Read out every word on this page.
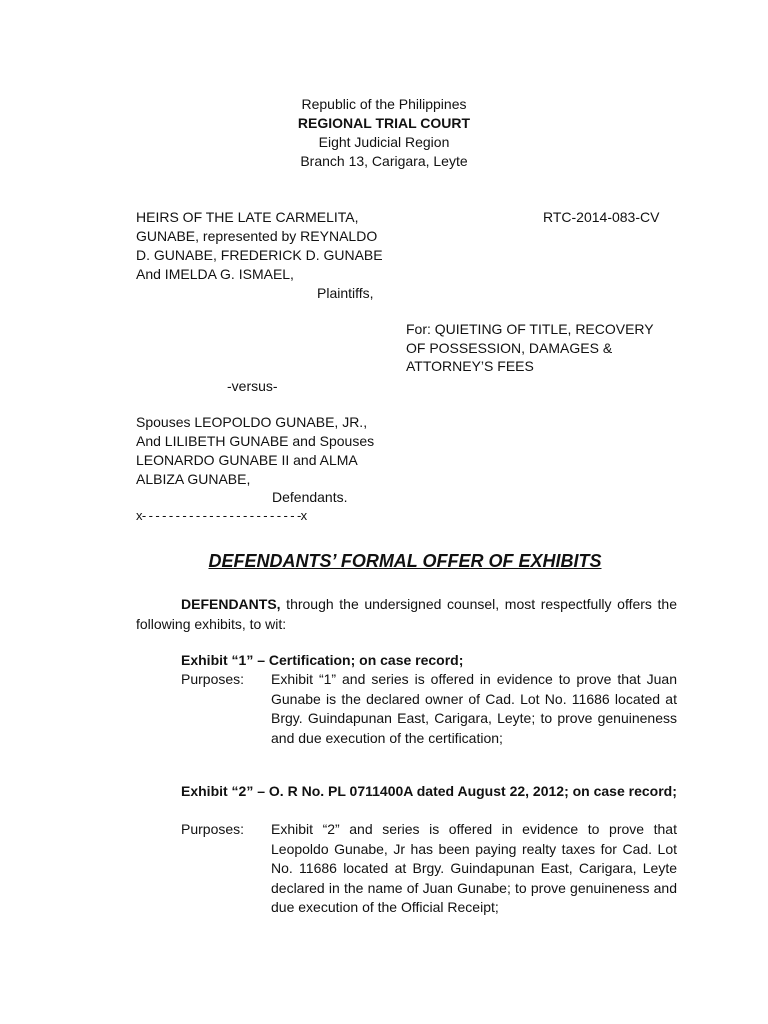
Republic of the Philippines
REGIONAL TRIAL COURT
Eight Judicial Region
Branch 13, Carigara, Leyte
HEIRS OF THE LATE CARMELITA,
GUNABE, represented by REYNALDO
D. GUNABE, FREDERICK D. GUNABE
And IMELDA G. ISMAEL,
Plaintiffs,
RTC-2014-083-CV
For: QUIETING OF TITLE, RECOVERY
OF POSSESSION, DAMAGES &
ATTORNEY’S FEES
-versus-
Spouses LEOPOLDO GUNABE, JR.,
And LILIBETH GUNABE and Spouses
LEONARDO GUNABE II and ALMA
ALBIZA GUNABE,
Defendants.
x- - - - - - - - - - - - - - - - - - - - - - - -x
DEFENDANTS’ FORMAL OFFER OF EXHIBITS
DEFENDANTS, through the undersigned counsel, most respectfully offers the following exhibits, to wit:
Exhibit “1” – Certification; on case record;
Purposes: Exhibit “1” and series is offered in evidence to prove that Juan Gunabe is the declared owner of Cad. Lot No. 11686 located at Brgy. Guindapunan East, Carigara, Leyte; to prove genuineness and due execution of the certification;
Exhibit “2” – O. R No. PL 0711400A dated August 22, 2012; on case record;
Purposes: Exhibit “2” and series is offered in evidence to prove that Leopoldo Gunabe, Jr has been paying realty taxes for Cad. Lot No. 11686 located at Brgy. Guindapunan East, Carigara, Leyte declared in the name of Juan Gunabe; to prove genuineness and due execution of the Official Receipt;
